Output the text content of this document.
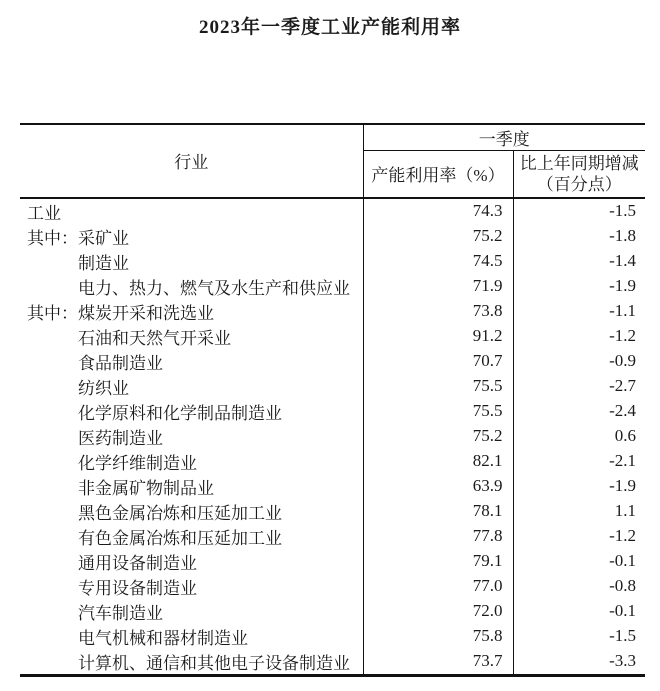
2023年一季度工业产能利用率
行业	一季度	
	产能利用率（%）	比上年同期增减
（百分点）

工业	74.3	-1.5
其中：采矿业	75.2	-1.8
制造业	74.5	-1.4
电力、热力、燃气及水生产和供应业	71.9	-1.9
其中：煤炭开采和洗选业	73.8	-1.1
石油和天然气开采业	91.2	-1.2
食品制造业	70.7	-0.9
纺织业	75.5	-2.7
化学原料和化学制品制造业	75.5	-2.4
医药制造业	75.2	0.6
化学纤维制造业	82.1	-2.1
非金属矿物制品业	63.9	-1.9
黑色金属冶炼和压延加工业	78.1	1.1
有色金属冶炼和压延加工业	77.8	-1.2
通用设备制造业	79.1	-0.1
专用设备制造业	77.0	-0.8
汽车制造业	72.0	-0.1
电气机械和器材制造业	75.8	-1.5
计算机、通信和其他电子设备制造业	73.7	-3.3
